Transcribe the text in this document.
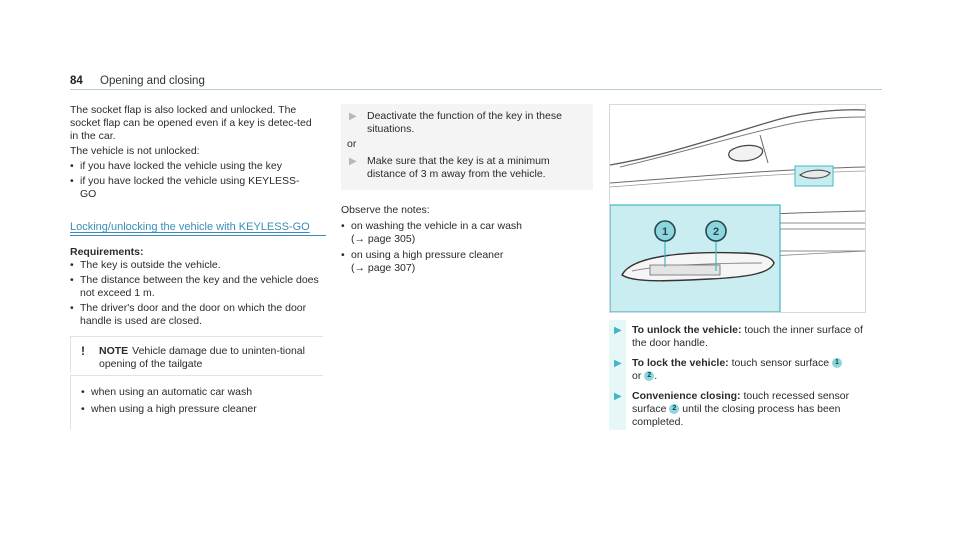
84 Opening and closing

The socket flap is also locked and unlocked. The socket flap can be opened even if a key is detec-ted in the car.

The vehicle is not unlocked:

• if you have locked the vehicle using the key
• if you have locked the vehicle using KEYLESS-GO
Locking/unlocking the vehicle with KEYLESS-GO

Requirements:

• The key is outside the vehicle.
• The distance between the key and the vehicle does not exceed 1 m.
• The driver's door and the door on which the door handle is used are closed.
! NOTE Vehicle damage due to uninten-tional opening of the tailgate
• when using an automatic car wash
• when using a high pressure cleaner
▶ Deactivate the function of the key in these situations.

or

▶ Make sure that the key is at a minimum distance of 3 m away from the vehicle.

Observe the notes:

• on washing the vehicle in a car wash
(→ page 305)
• on using a high pressure cleaner
(→ page 307)
1	2
▶ To unlock the vehicle: touch the inner surface of the door handle.
▶ To lock the vehicle: touch sensor surface 1
or 2 .
▶ Convenience closing: touch recessed sensor surface 2 until the closing process has been completed.
